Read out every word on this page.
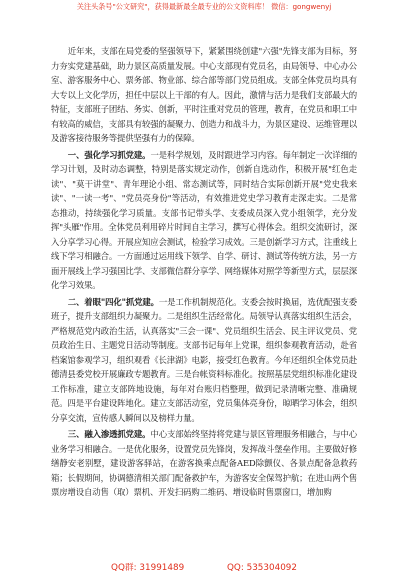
关注头条号"公文研究"，获得最新最全最专业的公文资料库！ 微信：gongwenyj

近年来，支部在局党委的坚强领导下，紧紧围绕创建"六强"先锋支部为目标，努力夯实党建基础，助力景区高质量发展。中心支部现有党员名，由局领导、中心办公室、游客服务中心、票务部、物业部、综合部等部门党员组成。支部全体党员均具有大专以上文化学历，担任中层以上干部的有人。因此，激情与活力是我们支部最大的特征，支部班子团结、务实、创新，平时注重对党员的管理，教育，在党员和职工中有较高的威信，支部具有较强的凝聚力、创造力和战斗力，为景区建设、运维管理以及游客接待服务等提供坚强有力的保障。

一、强化学习抓党建。一是科学规划，及时跟进学习内容。每年制定一次详细的学习计划，及时动态调整，特别是落实规定动作，创新自选动作，积极开展"红色走读"、"莫干讲堂"、青年理论小组、常态测试等，同时结合实际创新开展"党史我来读"、"一读一考"、"党员亮身份"等活动，有效推进党史学习教育走深走实。二是常态推动，持续强化学习质量。支部书记带头学、支委成员深入党小组领学，充分发挥"头雁"作用。全体党员利用碎片时间自主学习，撰写心得体会。组织交流研讨，深入分享学习心得。开展应知应会测试，检验学习成效。三是创新学习方式，注重线上线下学习相融合。一方面通过运用线下领学、自学、研讨、测试等传统方法，另一方面开展线上学习强国比学、支部微信群分享学、网络媒体对照学等新型方式，层层深化学习效果。

二、着眼"四化"抓党建。一是工作机制规范化。支委会按时换届，选优配强支委班子，提升支部组织力凝聚力。二是组织生活经常化。局领导认真落实组织生活会，严格规范党内政治生活，认真落实"三会一课"、党员组织生活会、民主评议党员、党员政治生日、主题党日活动等制度。支部书记每年上党课，组织参观教育活动，赴省档案馆参观学习，组织观看《长津湖》电影，接受红色教育。今年还组织全体党员赴德清县委党校开展廉政专题教育。三是台帐资料标准化。按照基层党组织标准化建设工作标准，建立支部阵地设施，每年对台账归档整理，做到记录清晰完整、准确规范。四是平台建设阵地化。建立支部活动室，党员集体亮身份，晾晒学习体会，组织分享交流，宣传感人瞬间以及榜样力量。

三、融入渗透抓党建。中心支部始终坚持将党建与景区管理服务相融合，与中心业务学习相融合。一是优化服务，设置党员先锋岗，发挥战斗堡垒作用。主要做好修缮静安老别墅，建设游客驿站，在游客换乘点配备AED除颤仪、各景点配备急救药箱；长假期间，协调德清相关部门配备救护车，为游客安全保驾护航；在进山两个售票房增设自动售（取）票机、开发扫码购二维码、增设临时售票窗口，增加购

QQ群: 31991489	QQ: 535304092
